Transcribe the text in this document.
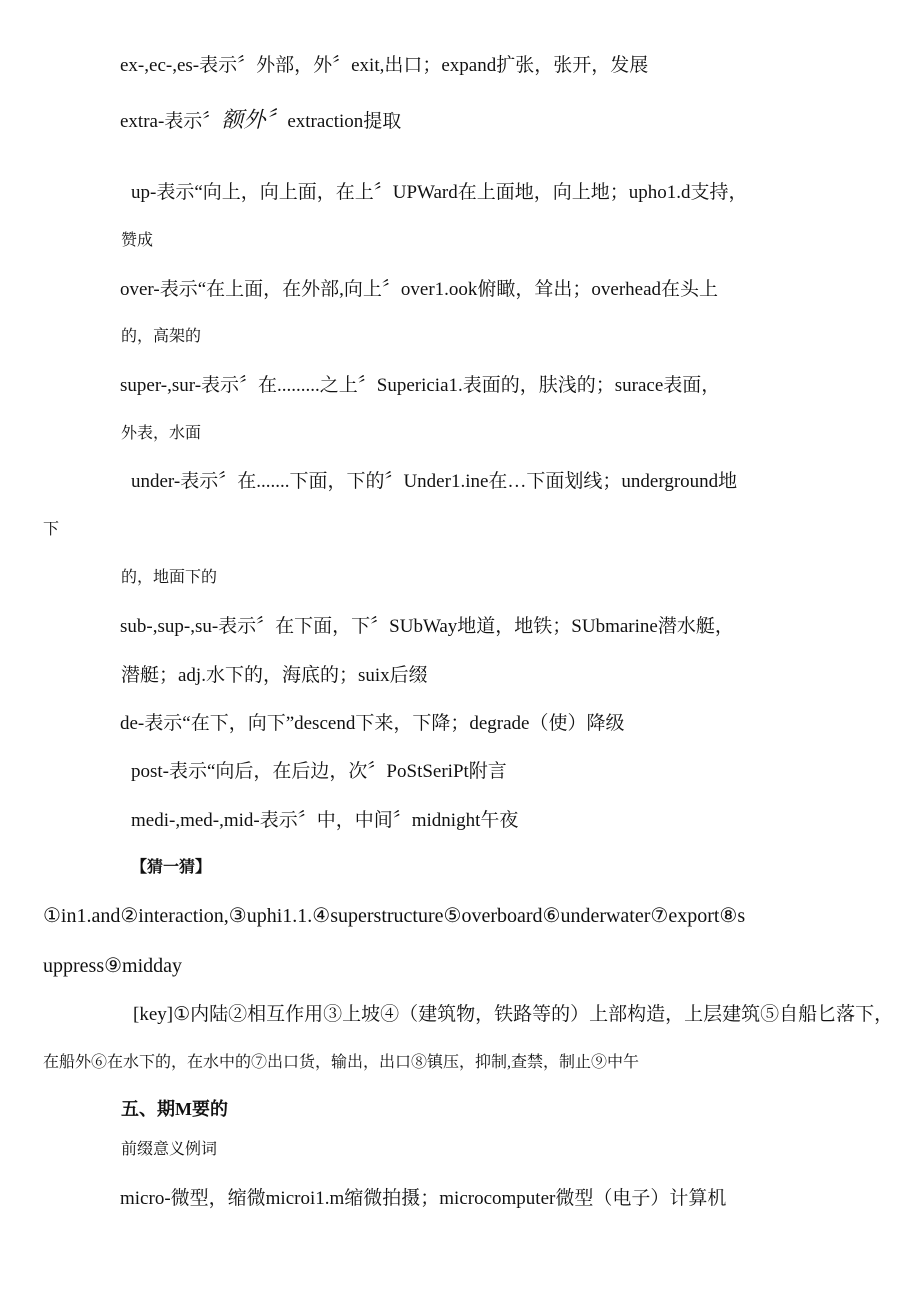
ex-,ec-,es-表示〞外部，外〞exit,出口；expand扩张，张开，发展
extra-表示〞额外〞extraction提取
up-表示“向上，向上面，在上〞UPWard在上面地，向上地；upho1.d支持，
赞成
over-表示“在上面，在外部,向上〞over1.ook俯瞰，耸出；overhead在头上
的，高架的
super-,sur-表示〞在.........之上〞Supericia1.表面的，肤浅的；surace表面，
外表，水面
under-表示〞在.......下面，下的〞Under1.ine在…下面划线；underground地
下
的，地面下的
sub-,sup-,su-表示〞在下面，下〞SUbWay地道，地铁；SUbmarine潜水艇，
潜艇；adj.水下的，海底的；suix后缀
de-表示“在下，向下”descend下来，下降；degrade（使）降级
post-表示“向后，在后边，次〞PoStSeriPt附言
medi-,med-,mid-表示〞中，中间〞midnight午夜
【猜一猜】
①in1.and②interaction,③uphi1.1.④superstructure⑤overboard⑥underwater⑦export⑧s
uppress⑨midday
[key]①内陆②相互作用③上坡④（建筑物，铁路等的）上部构造，上层建筑⑤自船匕落下，
在船外⑥在水下的，在水中的⑦出口货，输出，出口⑧镇压，抑制,查禁，制止⑨中午
五、期M要的
前缀意义例词
micro-微型，缩微microi1.m缩微拍摄；microcomputer微型（电子）计算机
